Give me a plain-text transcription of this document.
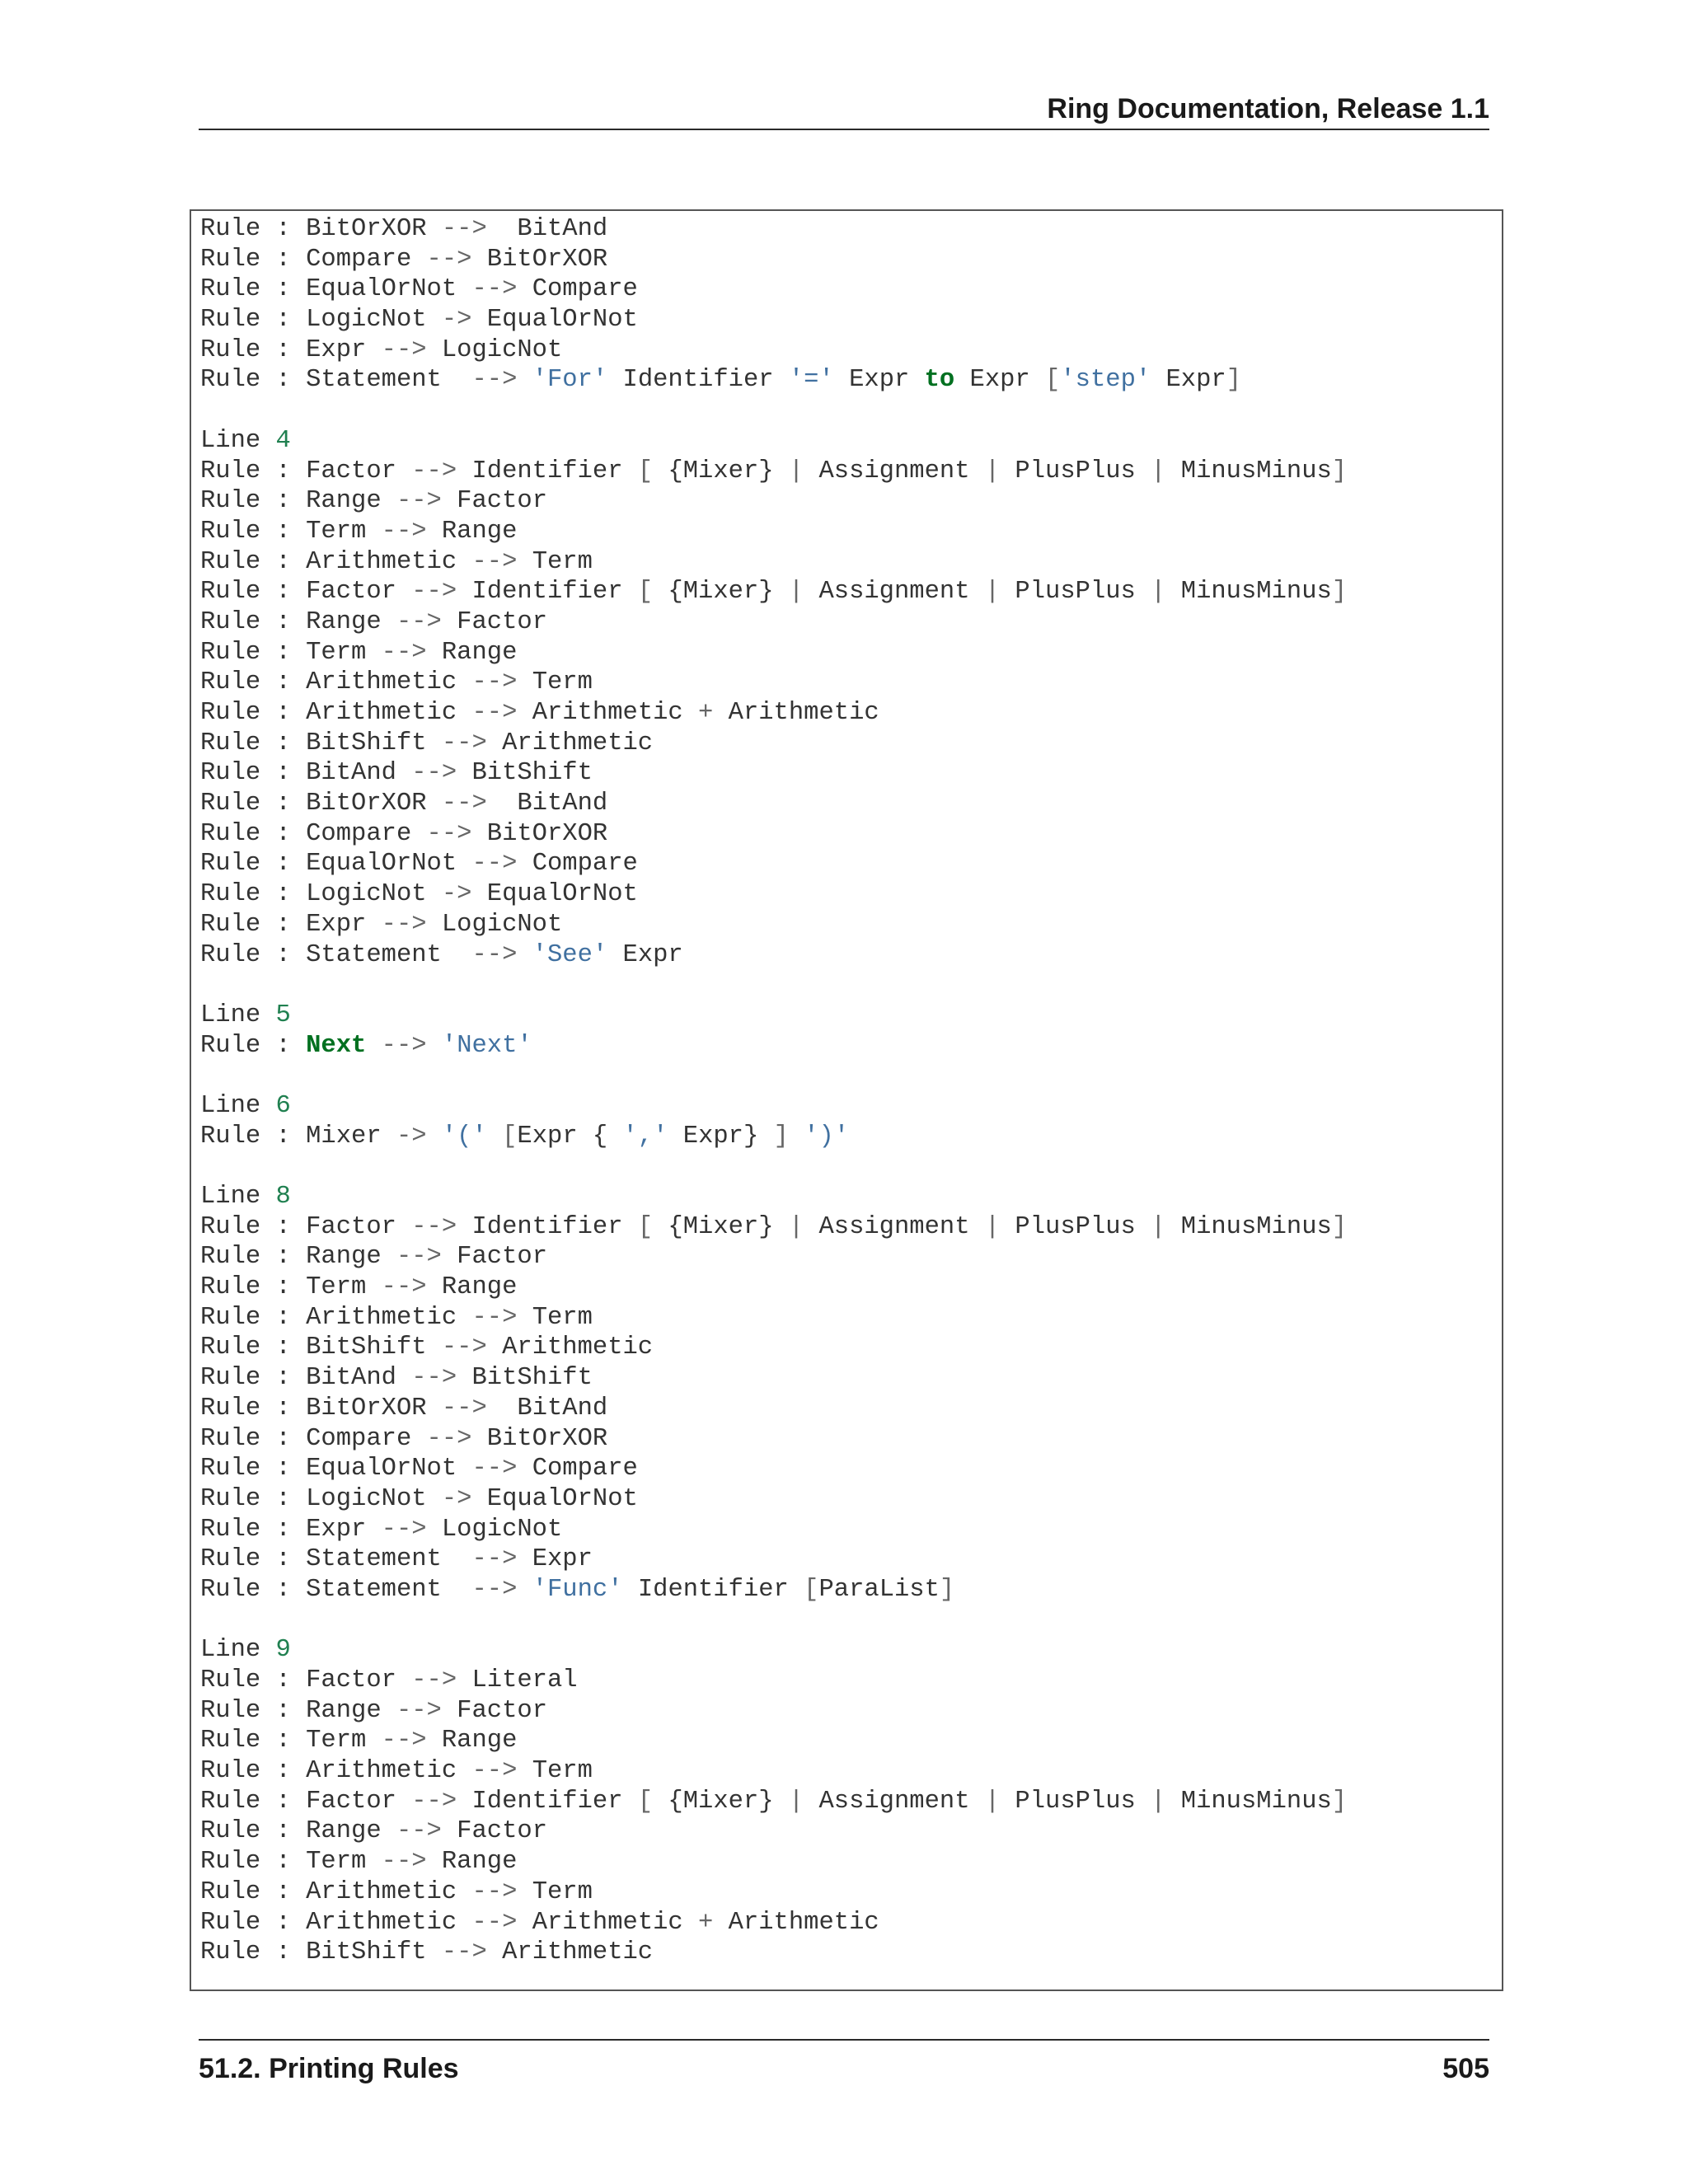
Ring Documentation, Release 1.1
Rule : BitOrXOR -->  BitAnd
Rule : Compare --> BitOrXOR
Rule : EqualOrNot --> Compare
Rule : LogicNot -> EqualOrNot
Rule : Expr --> LogicNot
Rule : Statement  --> 'For' Identifier '=' Expr to Expr ['step' Expr]

Line 4
Rule : Factor --> Identifier [ {Mixer} | Assignment | PlusPlus | MinusMinus]
Rule : Range --> Factor
Rule : Term --> Range
Rule : Arithmetic --> Term
Rule : Factor --> Identifier [ {Mixer} | Assignment | PlusPlus | MinusMinus]
Rule : Range --> Factor
Rule : Term --> Range
Rule : Arithmetic --> Term
Rule : Arithmetic --> Arithmetic + Arithmetic
Rule : BitShift --> Arithmetic
Rule : BitAnd --> BitShift
Rule : BitOrXOR -->  BitAnd
Rule : Compare --> BitOrXOR
Rule : EqualOrNot --> Compare
Rule : LogicNot -> EqualOrNot
Rule : Expr --> LogicNot
Rule : Statement  --> 'See' Expr

Line 5
Rule : Next --> 'Next'

Line 6
Rule : Mixer -> '(' [Expr { ',' Expr} ] ')'

Line 8
Rule : Factor --> Identifier [ {Mixer} | Assignment | PlusPlus | MinusMinus]
Rule : Range --> Factor
Rule : Term --> Range
Rule : Arithmetic --> Term
Rule : BitShift --> Arithmetic
Rule : BitAnd --> BitShift
Rule : BitOrXOR -->  BitAnd
Rule : Compare --> BitOrXOR
Rule : EqualOrNot --> Compare
Rule : LogicNot -> EqualOrNot
Rule : Expr --> LogicNot
Rule : Statement  --> Expr
Rule : Statement  --> 'Func' Identifier [ParaList]

Line 9
Rule : Factor --> Literal
Rule : Range --> Factor
Rule : Term --> Range
Rule : Arithmetic --> Term
Rule : Factor --> Identifier [ {Mixer} | Assignment | PlusPlus | MinusMinus]
Rule : Range --> Factor
Rule : Term --> Range
Rule : Arithmetic --> Term
Rule : Arithmetic --> Arithmetic + Arithmetic
Rule : BitShift --> Arithmetic
51.2. Printing Rules	505
